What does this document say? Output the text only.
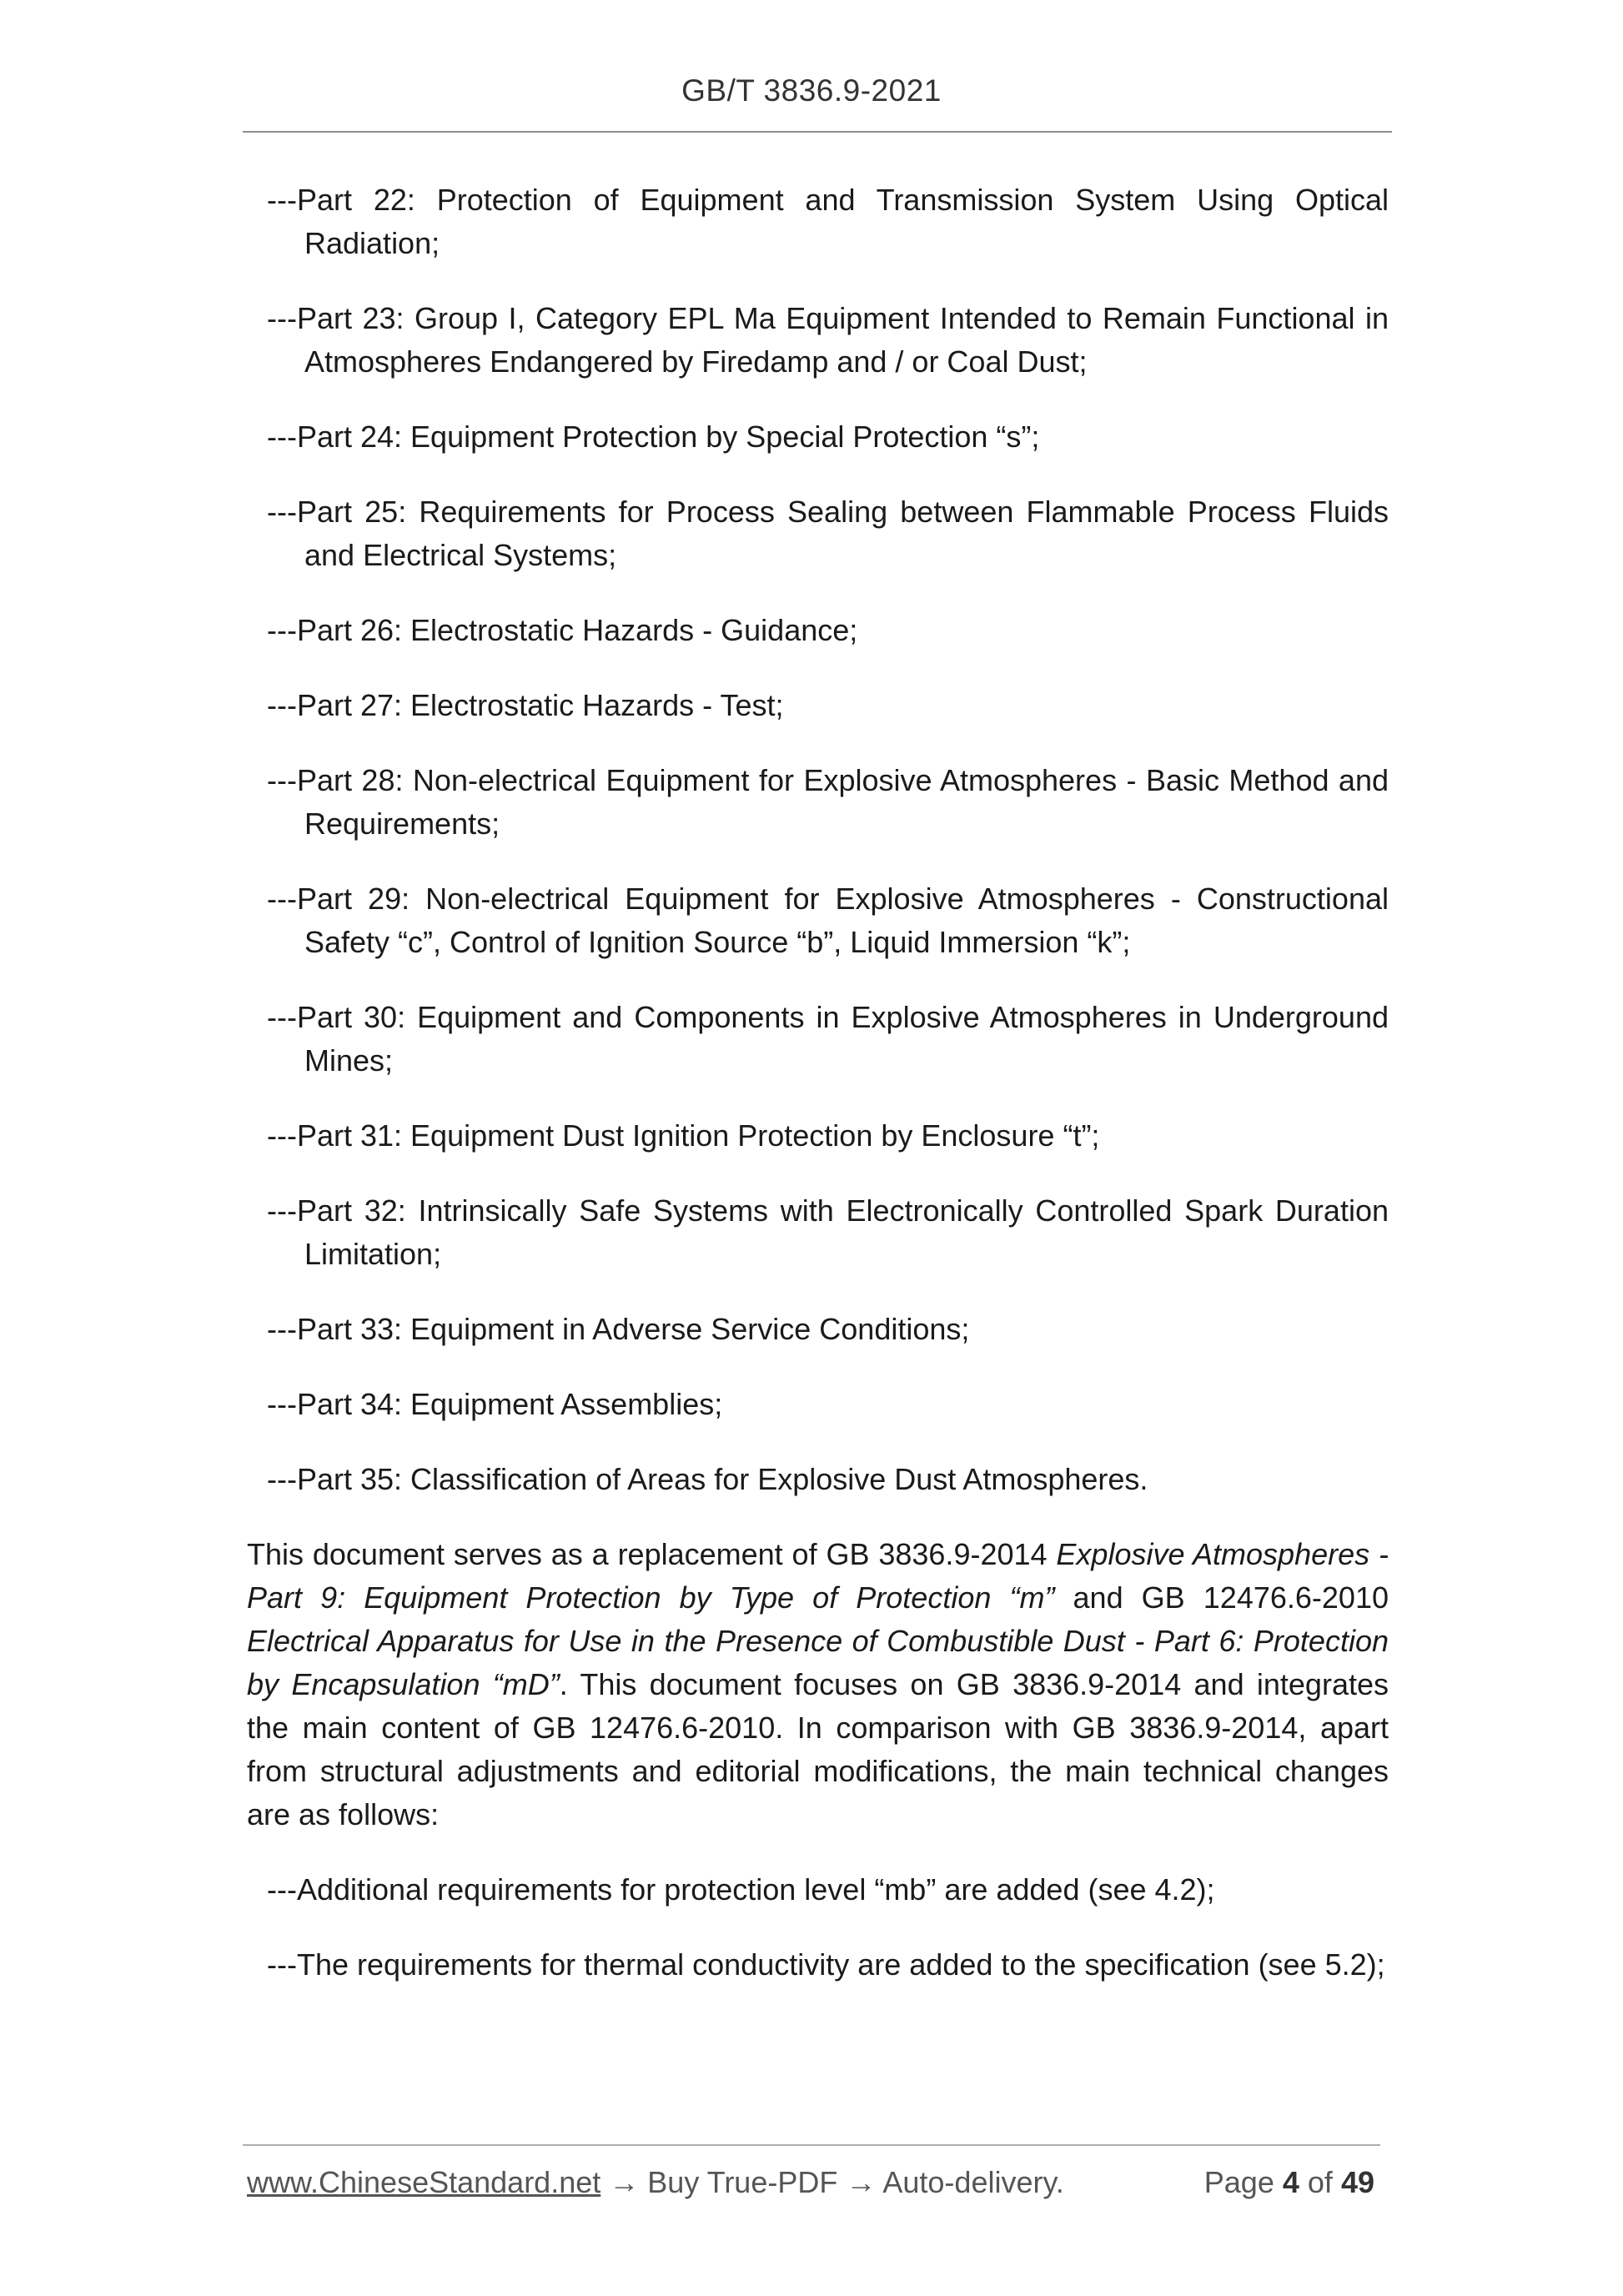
GB/T 3836.9-2021

---Part 22: Protection of Equipment and Transmission System Using Optical Radiation;

---Part 23: Group I, Category EPL Ma Equipment Intended to Remain Functional in Atmospheres Endangered by Firedamp and / or Coal Dust;

---Part 24: Equipment Protection by Special Protection “s”;

---Part 25: Requirements for Process Sealing between Flammable Process Fluids and Electrical Systems;

---Part 26: Electrostatic Hazards - Guidance;

---Part 27: Electrostatic Hazards - Test;

---Part 28: Non-electrical Equipment for Explosive Atmospheres - Basic Method and Requirements;

---Part 29: Non-electrical Equipment for Explosive Atmospheres - Constructional Safety “c”, Control of Ignition Source “b”, Liquid Immersion “k”;

---Part 30: Equipment and Components in Explosive Atmospheres in Underground Mines;

---Part 31: Equipment Dust Ignition Protection by Enclosure “t”;

---Part 32: Intrinsically Safe Systems with Electronically Controlled Spark Duration Limitation;

---Part 33: Equipment in Adverse Service Conditions;

---Part 34: Equipment Assemblies;

---Part 35: Classification of Areas for Explosive Dust Atmospheres.

This document serves as a replacement of GB 3836.9-2014 Explosive Atmospheres - Part 9: Equipment Protection by Type of Protection “m” and GB 12476.6-2010 Electrical Apparatus for Use in the Presence of Combustible Dust - Part 6: Protection by Encapsulation “mD”. This document focuses on GB 3836.9-2014 and integrates the main content of GB 12476.6-2010. In comparison with GB 3836.9-2014, apart from structural adjustments and editorial modifications, the main technical changes are as follows:

---Additional requirements for protection level “mb” are added (see 4.2);

---The requirements for thermal conductivity are added to the specification (see 5.2);

www.ChineseStandard.net → Buy True-PDF → Auto-delivery.	Page 4 of 49
